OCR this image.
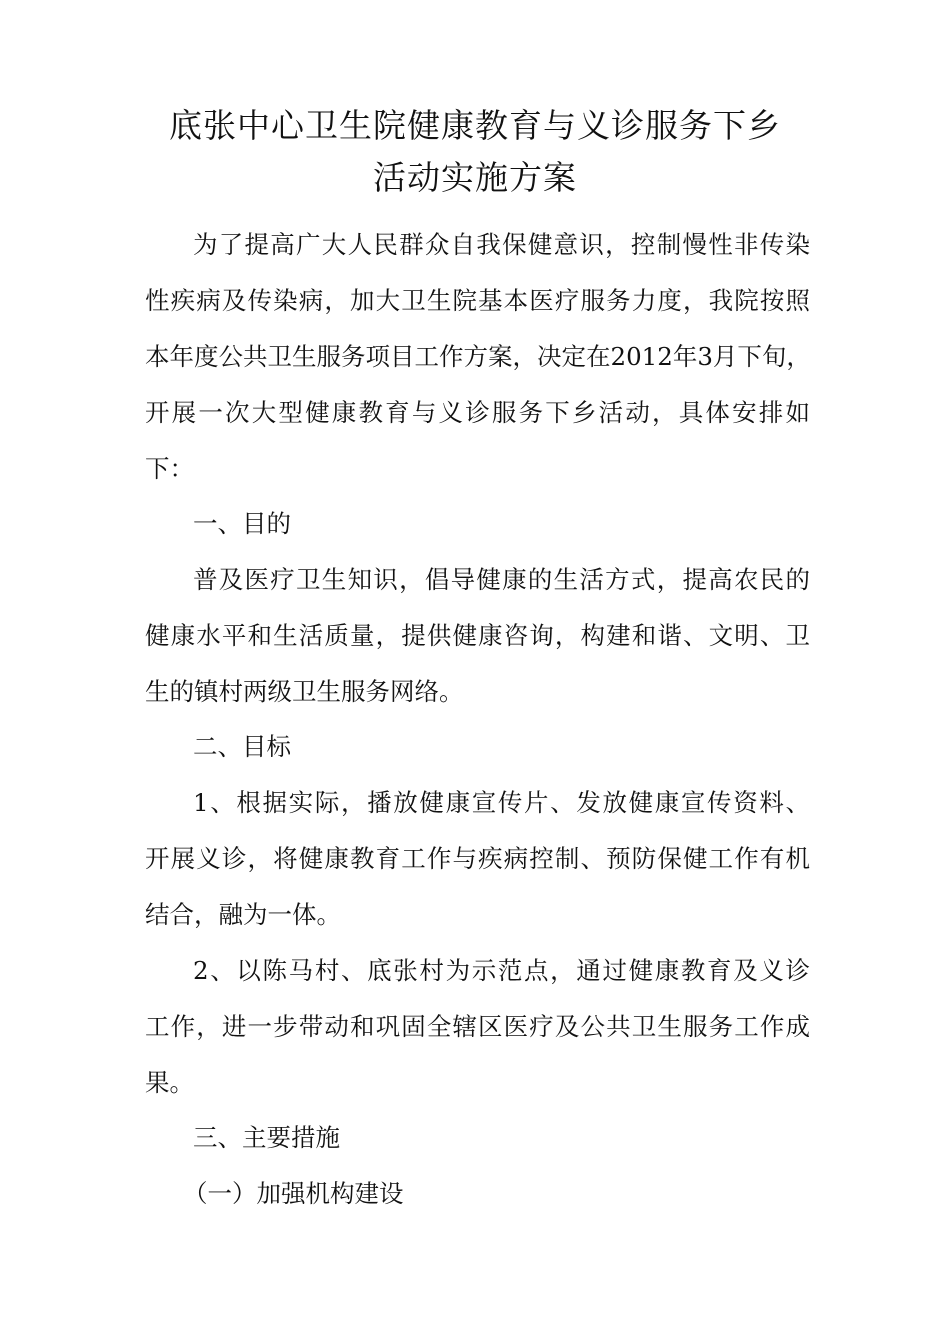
底张中心卫生院健康教育与义诊服务下乡
活动实施方案
为了提高广大人民群众自我保健意识，控制慢性非传染
性疾病及传染病，加大卫生院基本医疗服务力度，我院按照
本年度公共卫生服务项目工作方案，决定在2012年3月下旬，
开展一次大型健康教育与义诊服务下乡活动，具体安排如
下：
一、目的
普及医疗卫生知识，倡导健康的生活方式，提高农民的
健康水平和生活质量，提供健康咨询，构建和谐、文明、卫
生的镇村两级卫生服务网络。
二、目标
1、根据实际，播放健康宣传片、发放健康宣传资料、
开展义诊，将健康教育工作与疾病控制、预防保健工作有机
结合，融为一体。
2、以陈马村、底张村为示范点，通过健康教育及义诊
工作，进一步带动和巩固全辖区医疗及公共卫生服务工作成
果。
三、主要措施
（一）加强机构建设
